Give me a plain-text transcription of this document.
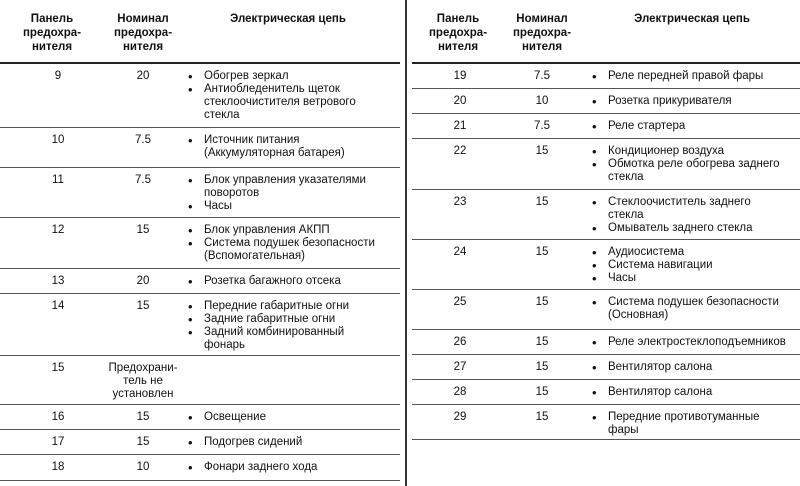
Панель
предохра-
нителя
Номинал
предохра-
нителя
Электрическая цепь
9	20	• Обогрев зеркал
• Антиобледенитель щеток
стеклоочистителя ветрового
стекла
10	7.5	• Источник питания
(Аккумуляторная батарея)
11	7.5	• Блок управления указателями
поворотов
• Часы
12	15	• Блок управления АКПП
• Система подушек безопасности
(Вспомогательная)
13	20	• Розетка багажного отсека
14	15	• Передние габаритные огни
• Задние габаритные огни
• Задний комбинированный
фонарь
15	Предохрани-
тель не
установлен
16	15	• Освещение
17	15	• Подогрев сидений
18	10	• Фонари заднего хода
Панель
предохра-
нителя
Номинал
предохра-
нителя
Электрическая цепь
19	7.5	• Реле передней правой фары
20	10	• Розетка прикуривателя
21	7.5	• Реле стартера
22	15	• Кондиционер воздуха
• Обмотка реле обогрева заднего
стекла
23	15	• Стеклоочиститель заднего
стекла
• Омыватель заднего стекла
24	15	• Аудиосистема
• Система навигации
• Часы
25	15	• Система подушек безопасности
(Основная)
26	15	• Реле электростеклоподъемников
27	15	• Вентилятор салона
28	15	• Вентилятор салона
29	15	• Передние противотуманные
фары
